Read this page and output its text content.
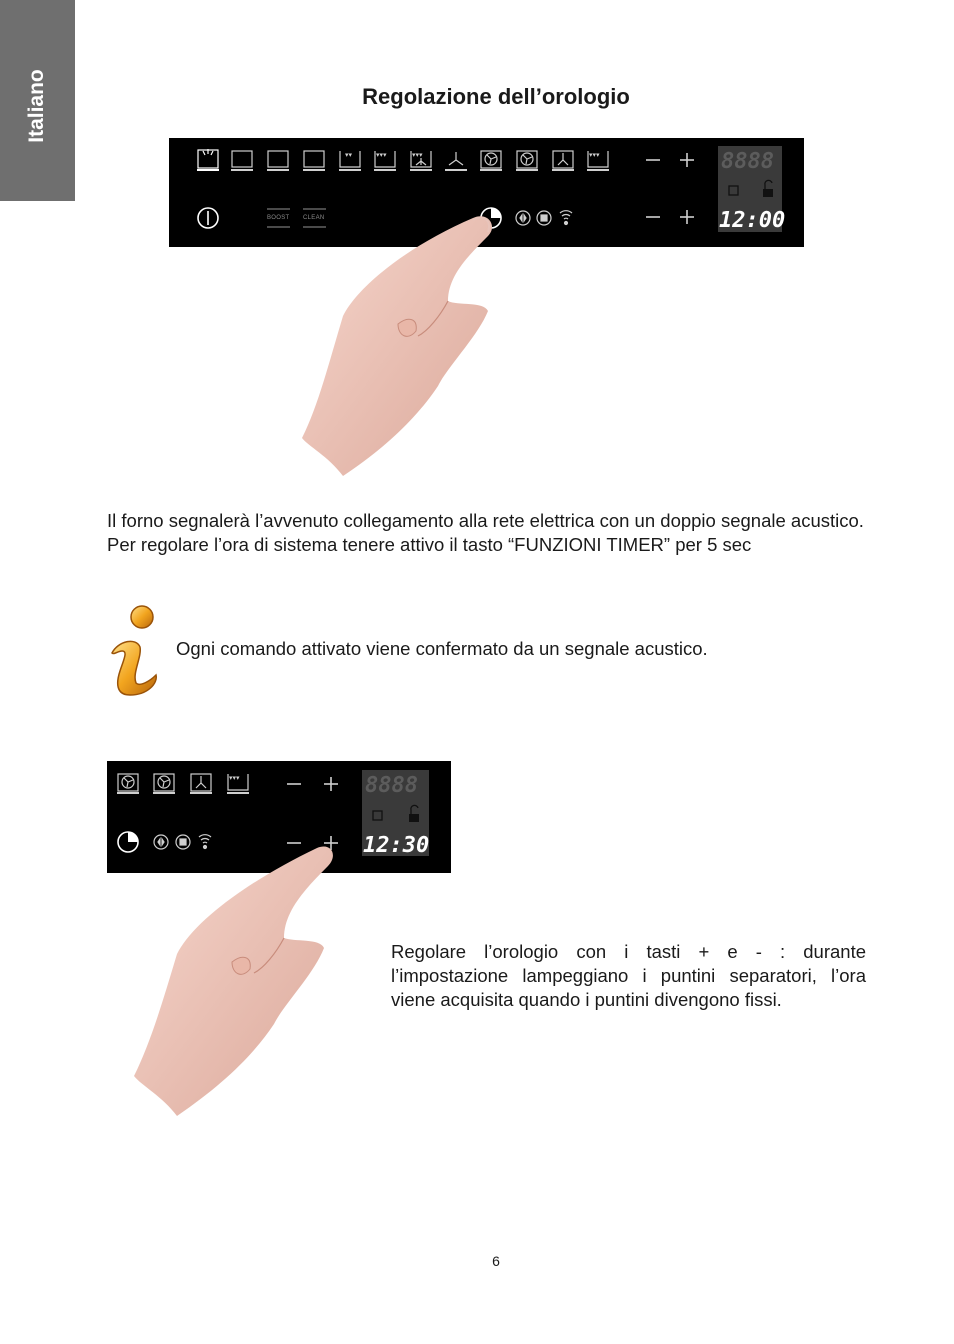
Italiano	Regolazione dell’orologio
▾▾	▾▾▾	▾▾▾	▾▾▾
BOOST CLEAN
8888
12:00

Il forno segnalerà l’avvenuto collegamento alla rete elettrica con un doppio segnale acustico.

Per regolare l’ora di sistema tenere attivo il tasto “FUNZIONI TIMER” per 5 sec

Ogni comando attivato viene confermato da un segnale acustico.
▾▾▾	8888
12:30
Regolare l’orologio con i tasti + e - : durante l’impostazione lampeggiano i puntini separatori, l’ora viene acquisita quando i puntini divengono fissi.
6
